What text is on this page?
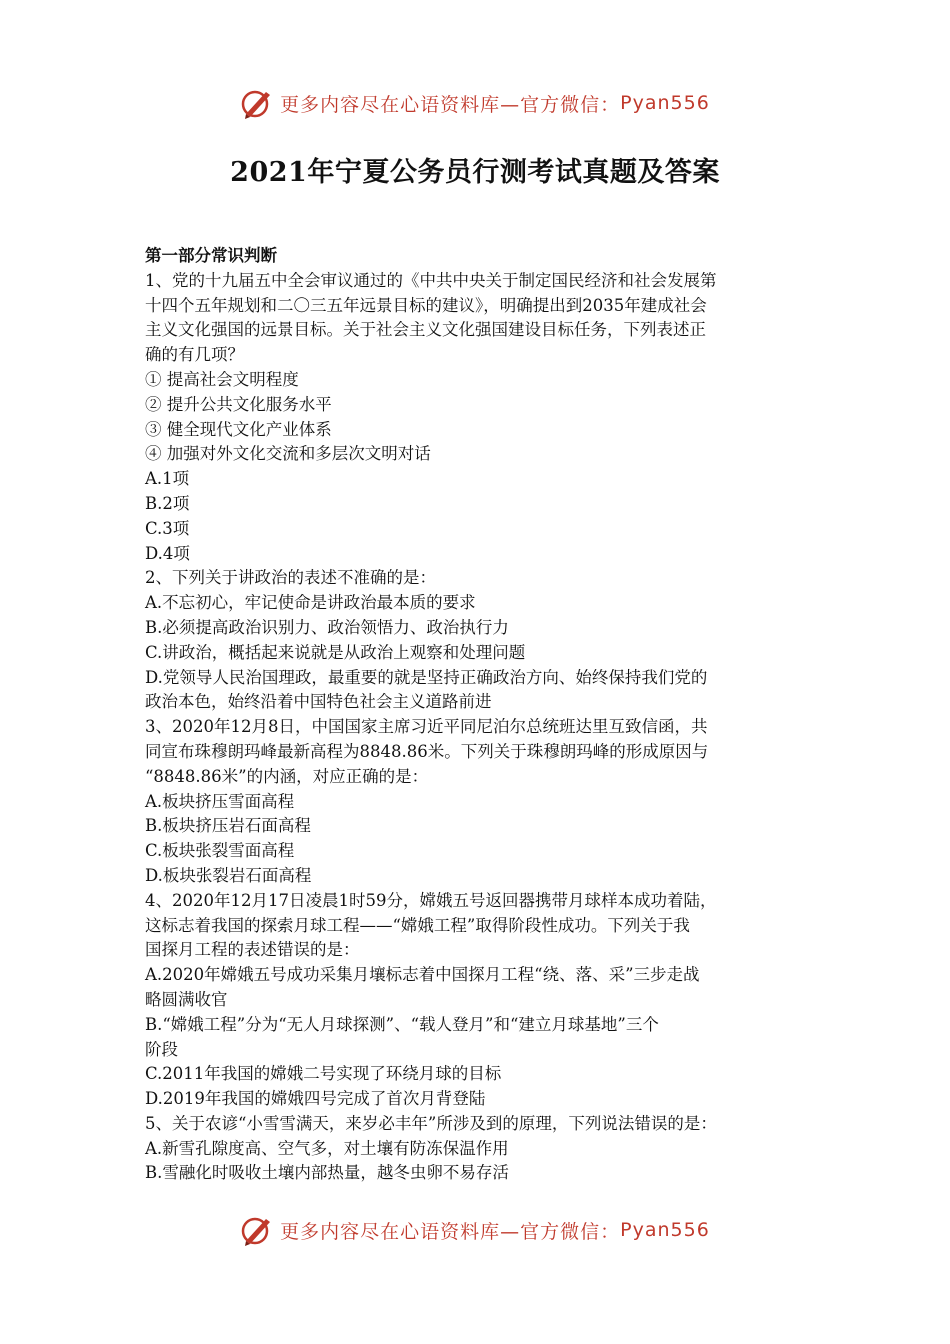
更多内容尽在心语资料库—官方微信： Pyan556
2021年宁夏公务员行测考试真题及答案

第一部分常识判断

1、党的十九届五中全会审议通过的《中共中央关于制定国民经济和社会发展第

十四个五年规划和二〇三五年远景目标的建议》，明确提出到2035年建成社会

主义文化强国的远景目标。关于社会主义文化强国建设目标任务，下列表述正

确的有几项？

① 提高社会文明程度

② 提升公共文化服务水平

③ 健全现代文化产业体系

④ 加强对外文化交流和多层次文明对话

A.1项

B.2项

C.3项

D.4项

2、下列关于讲政治的表述不准确的是：

A.不忘初心，牢记使命是讲政治最本质的要求

B.必须提高政治识别力、政治领悟力、政治执行力

C.讲政治，概括起来说就是从政治上观察和处理问题

D.党领导人民治国理政，最重要的就是坚持正确政治方向、始终保持我们党的

政治本色，始终沿着中国特色社会主义道路前进

3、2020年12月8日，中国国家主席习近平同尼泊尔总统班达里互致信函，共

同宣布珠穆朗玛峰最新高程为8848.86米。下列关于珠穆朗玛峰的形成原因与

“8848.86米”的内涵，对应正确的是：

A.板块挤压雪面高程

B.板块挤压岩石面高程

C.板块张裂雪面高程

D.板块张裂岩石面高程

4、2020年12月17日凌晨1时59分，嫦娥五号返回器携带月球样本成功着陆，

这标志着我国的探索月球工程——“嫦娥工程”取得阶段性成功。下列关于我

国探月工程的表述错误的是：

A.2020年嫦娥五号成功采集月壤标志着中国探月工程“绕、落、采”三步走战

略圆满收官

B.“嫦娥工程”分为“无人月球探测”、“载人登月”和“建立月球基地”三个

阶段

C.2011年我国的嫦娥二号实现了环绕月球的目标

D.2019年我国的嫦娥四号完成了首次月背登陆

5、关于农谚“小雪雪满天，来岁必丰年”所涉及到的原理，下列说法错误的是：

A.新雪孔隙度高、空气多，对土壤有防冻保温作用

B.雪融化时吸收土壤内部热量，越冬虫卵不易存活

更多内容尽在心语资料库—官方微信： Pyan556
